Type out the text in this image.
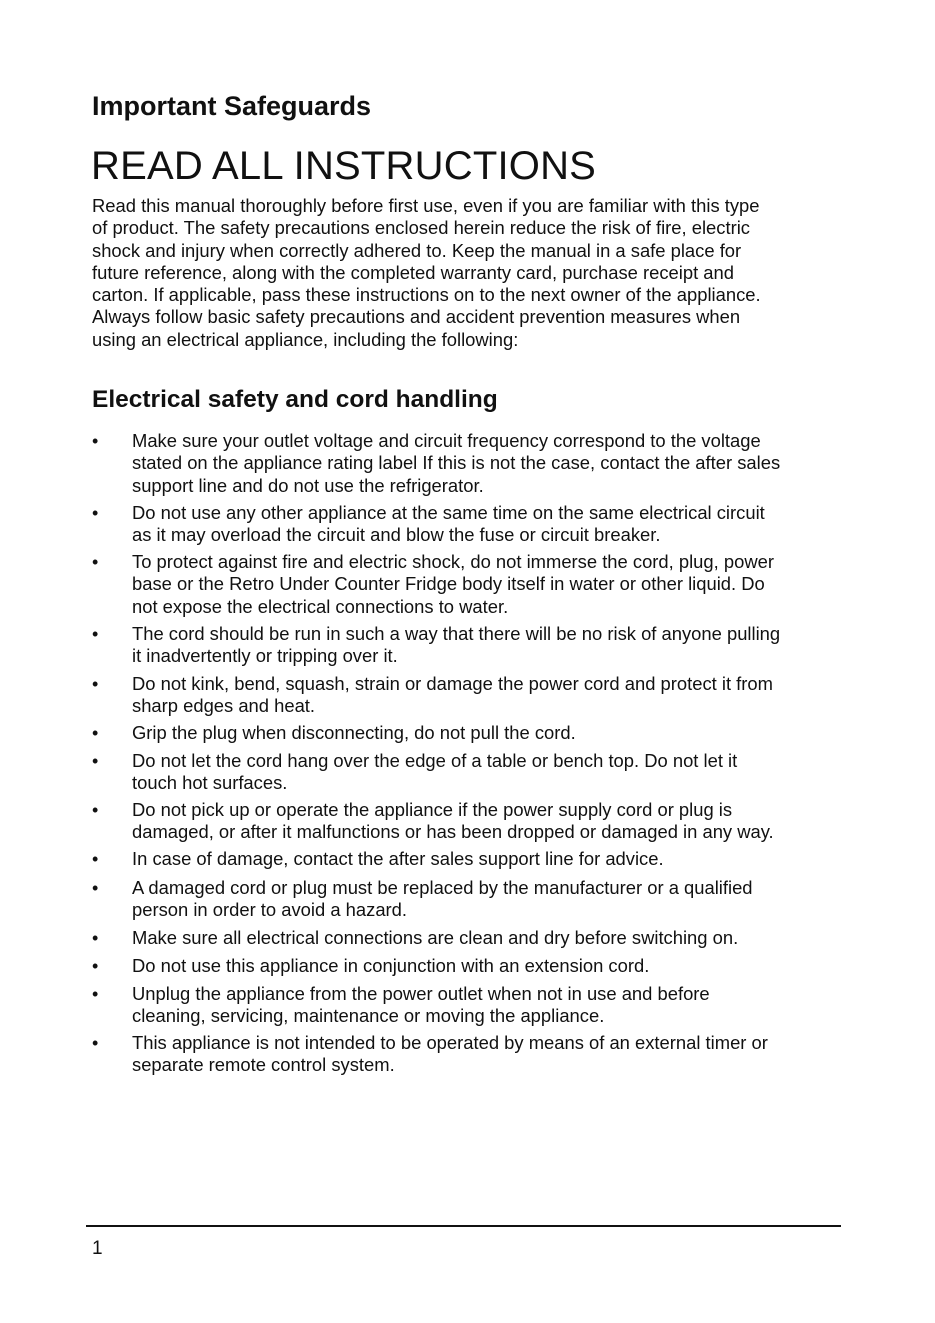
Important Safeguards
READ ALL INSTRUCTIONS

Read this manual thoroughly before first use, even if you are familiar with this type
of product. The safety precautions enclosed herein reduce the risk of fire, electric
shock and injury when correctly adhered to. Keep the manual in a safe place for
future reference, along with the completed warranty card, purchase receipt and
carton. If applicable, pass these instructions on to the next owner of the appliance.
Always follow basic safety precautions and accident prevention measures when
using an electrical appliance, including the following:

Electrical safety and cord handling
•	Make sure your outlet voltage and circuit frequency correspond to the voltage
stated on the appliance rating label If this is not the case, contact the after sales
support line and do not use the refrigerator.
•	Do not use any other appliance at the same time on the same electrical circuit
as it may overload the circuit and blow the fuse or circuit breaker.
•	To protect against fire and electric shock, do not immerse the cord, plug, power
base or the Retro Under Counter Fridge body itself in water or other liquid. Do
not expose the electrical connections to water.
•	The cord should be run in such a way that there will be no risk of anyone pulling
it inadvertently or tripping over it.
•	Do not kink, bend, squash, strain or damage the power cord and protect it from
sharp edges and heat.
•	Grip the plug when disconnecting, do not pull the cord.
•	Do not let the cord hang over the edge of a table or bench top. Do not let it
touch hot surfaces.
•	Do not pick up or operate the appliance if the power supply cord or plug is
damaged, or after it malfunctions or has been dropped or damaged in any way.
•	In case of damage, contact the after sales support line for advice.
•	A damaged cord or plug must be replaced by the manufacturer or a qualified
person in order to avoid a hazard.
•	Make sure all electrical connections are clean and dry before switching on.
•	Do not use this appliance in conjunction with an extension cord.
•	Unplug the appliance from the power outlet when not in use and before
cleaning, servicing, maintenance or moving the appliance.
•	This appliance is not intended to be operated by means of an external timer or
separate remote control system.
1
